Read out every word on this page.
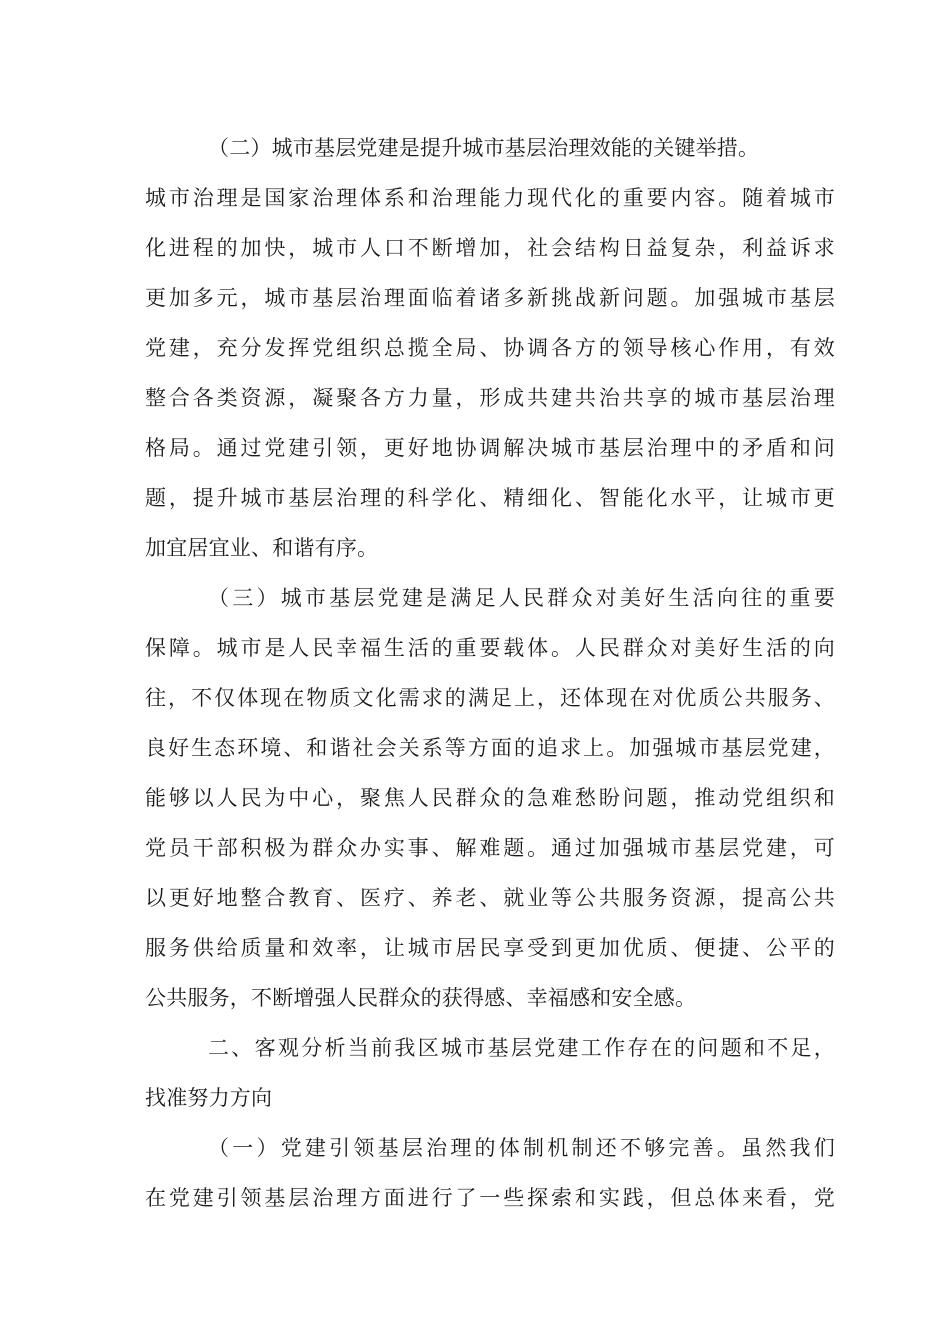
（二）城市基层党建是提升城市基层治理效能的关键举措。
城市治理是国家治理体系和治理能力现代化的重要内容。随着城市
化进程的加快，城市人口不断增加，社会结构日益复杂，利益诉求
更加多元，城市基层治理面临着诸多新挑战新问题。加强城市基层
党建，充分发挥党组织总揽全局、协调各方的领导核心作用，有效
整合各类资源，凝聚各方力量，形成共建共治共享的城市基层治理
格局。通过党建引领，更好地协调解决城市基层治理中的矛盾和问
题，提升城市基层治理的科学化、精细化、智能化水平，让城市更
加宜居宜业、和谐有序。
（三）城市基层党建是满足人民群众对美好生活向往的重要
保障。城市是人民幸福生活的重要载体。人民群众对美好生活的向
往，不仅体现在物质文化需求的满足上，还体现在对优质公共服务、
良好生态环境、和谐社会关系等方面的追求上。加强城市基层党建，
能够以人民为中心，聚焦人民群众的急难愁盼问题，推动党组织和
党员干部积极为群众办实事、解难题。通过加强城市基层党建，可
以更好地整合教育、医疗、养老、就业等公共服务资源，提高公共
服务供给质量和效率，让城市居民享受到更加优质、便捷、公平的
公共服务，不断增强人民群众的获得感、幸福感和安全感。
二、客观分析当前我区城市基层党建工作存在的问题和不足，
找准努力方向
（一）党建引领基层治理的体制机制还不够完善。虽然我们
在党建引领基层治理方面进行了一些探索和实践，但总体来看，党
